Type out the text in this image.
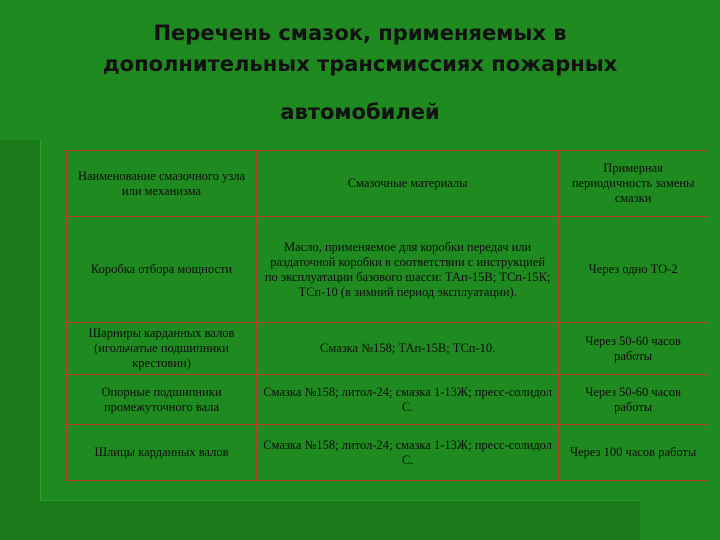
Перечень смазок, применяемых в
дополнительных трансмиссиях пожарных
автомобилей
Наименование смазочного узла или механизма	Смазочные материалы	Примерная периодичность замены смазки
Коробка отбора мощности	Масло, применяемое для коробки передач или раздаточной коробки в соответствии с инструкцией по эксплуатации базового шасси: ТАп-15В; ТСп-15К; ТСп-10 (в зимний период эксплуатации).	Через одно ТО-2
Шарниры карданных валов (игольчатые подшипники крестовин)	Смазка №158; ТАп-15В; ТСп-10.	Через 50-60 часов работы
Опорные подшипники промежуточного вала	Смазка №158; литол-24; смазка 1-13Ж; пресс-солидол С.	Через 50-60 часов работы
Шлицы карданных валов	Смазка №158; литол-24; смазка 1-13Ж; пресс-солидол С.	Через 100 часов работы
